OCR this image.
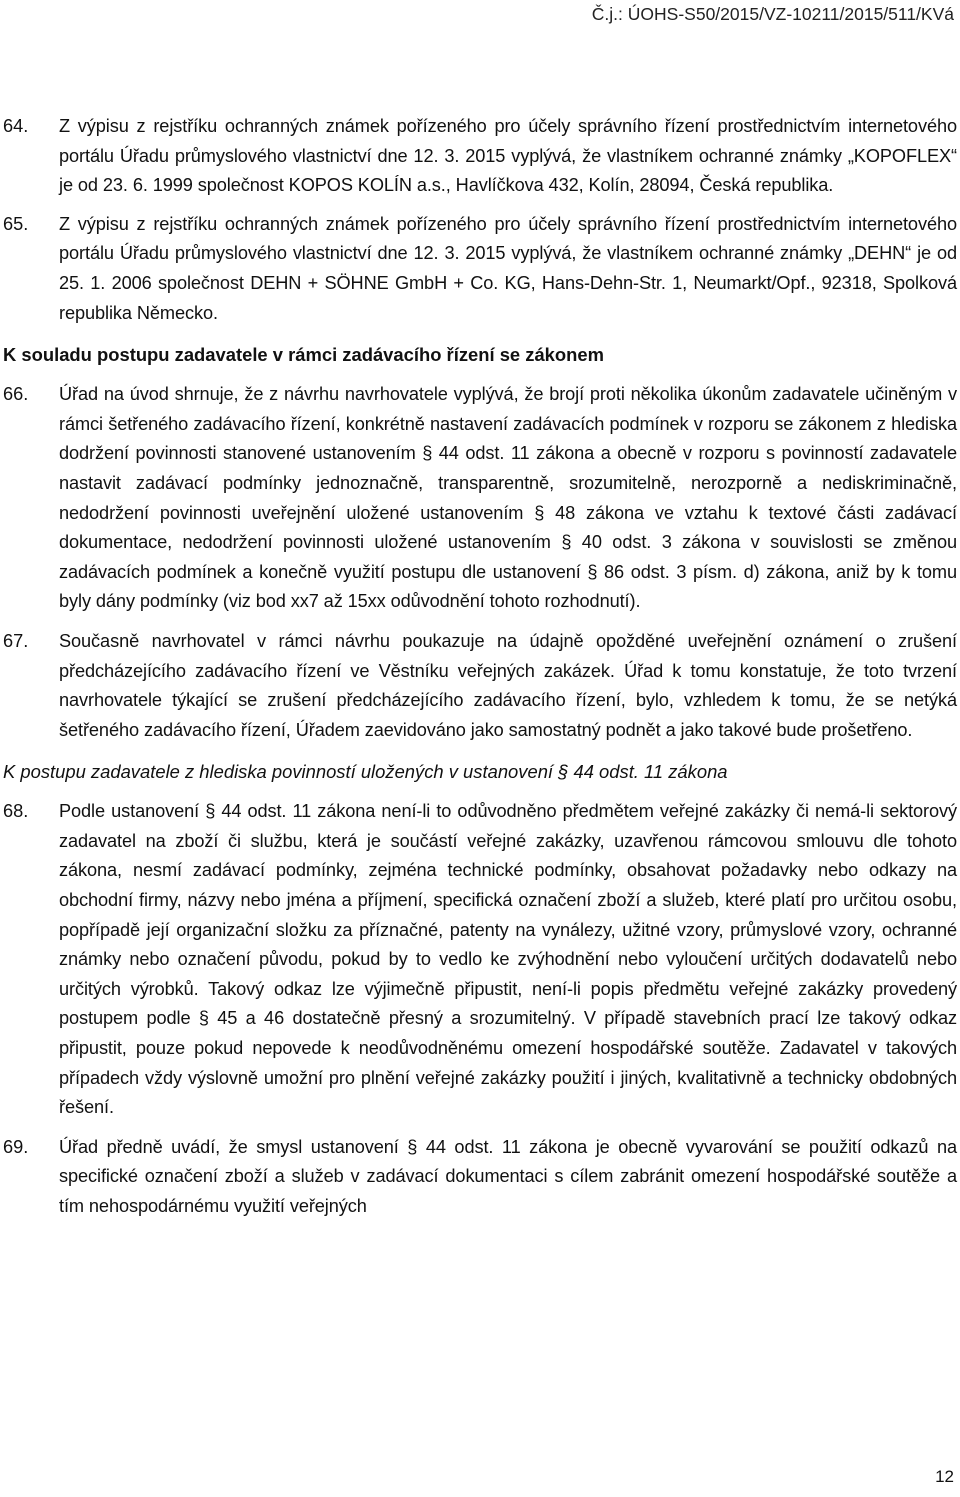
Č.j.: ÚOHS-S50/2015/VZ-10211/2015/511/KVá
64.	Z výpisu z rejstříku ochranných známek pořízeného pro účely správního řízení prostřednictvím internetového portálu Úřadu průmyslového vlastnictví dne 12. 3. 2015 vyplývá, že vlastníkem ochranné známky „KOPOFLEX“ je od 23. 6. 1999 společnost KOPOS KOLÍN a.s., Havlíčkova 432, Kolín, 28094, Česká republika.
65.	Z výpisu z rejstříku ochranných známek pořízeného pro účely správního řízení prostřednictvím internetového portálu Úřadu průmyslového vlastnictví dne 12. 3. 2015 vyplývá, že vlastníkem ochranné známky „DEHN“ je od 25. 1. 2006 společnost DEHN + SÖHNE GmbH + Co. KG, Hans-Dehn-Str. 1, Neumarkt/Opf., 92318, Spolková republika Německo.
K souladu postupu zadavatele v rámci zadávacího řízení se zákonem
66.	Úřad na úvod shrnuje, že z návrhu navrhovatele vyplývá, že brojí proti několika úkonům zadavatele učiněným v rámci šetřeného zadávacího řízení, konkrétně nastavení zadávacích podmínek v rozporu se zákonem z hlediska dodržení povinnosti stanovené ustanovením § 44 odst. 11 zákona a obecně v rozporu s povinností zadavatele nastavit zadávací podmínky jednoznačně, transparentně, srozumitelně, nerozporně a nediskriminačně, nedodržení povinnosti uveřejnění uložené ustanovením § 48 zákona ve vztahu k textové části zadávací dokumentace, nedodržení povinnosti uložené ustanovením § 40 odst. 3 zákona v souvislosti se změnou zadávacích podmínek a konečně využití postupu dle ustanovení § 86 odst. 3 písm. d) zákona, aniž by k tomu byly dány podmínky (viz bod xx7 až 15xx odůvodnění tohoto rozhodnutí).
67.	Současně navrhovatel v rámci návrhu poukazuje na údajně opožděné uveřejnění oznámení o zrušení předcházejícího zadávacího řízení ve Věstníku veřejných zakázek. Úřad k tomu konstatuje, že toto tvrzení navrhovatele týkající se zrušení předcházejícího zadávacího řízení, bylo, vzhledem k tomu, že se netýká šetřeného zadávacího řízení, Úřadem zaevidováno jako samostatný podnět a jako takové bude prošetřeno.
K postupu zadavatele z hlediska povinností uložených v ustanovení § 44 odst. 11 zákona
68.	Podle ustanovení § 44 odst. 11 zákona není-li to odůvodněno předmětem veřejné zakázky či nemá-li sektorový zadavatel na zboží či službu, která je součástí veřejné zakázky, uzavřenou rámcovou smlouvu dle tohoto zákona, nesmí zadávací podmínky, zejména technické podmínky, obsahovat požadavky nebo odkazy na obchodní firmy, názvy nebo jména a příjmení, specifická označení zboží a služeb, které platí pro určitou osobu, popřípadě její organizační složku za příznačné, patenty na vynálezy, užitné vzory, průmyslové vzory, ochranné známky nebo označení původu, pokud by to vedlo ke zvýhodnění nebo vyloučení určitých dodavatelů nebo určitých výrobků. Takový odkaz lze výjimečně připustit, není-li popis předmětu veřejné zakázky provedený postupem podle § 45 a 46 dostatečně přesný a srozumitelný. V případě stavebních prací lze takový odkaz připustit, pouze pokud nepovede k neodůvodněnému omezení hospodářské soutěže. Zadavatel v takových případech vždy výslovně umožní pro plnění veřejné zakázky použití i jiných, kvalitativně a technicky obdobných řešení.
69.	Úřad předně uvádí, že smysl ustanovení § 44 odst. 11 zákona je obecně vyvarování se použití odkazů na specifické označení zboží a služeb v zadávací dokumentaci s cílem zabránit omezení hospodářské soutěže a tím nehospodárnému využití veřejných
12
